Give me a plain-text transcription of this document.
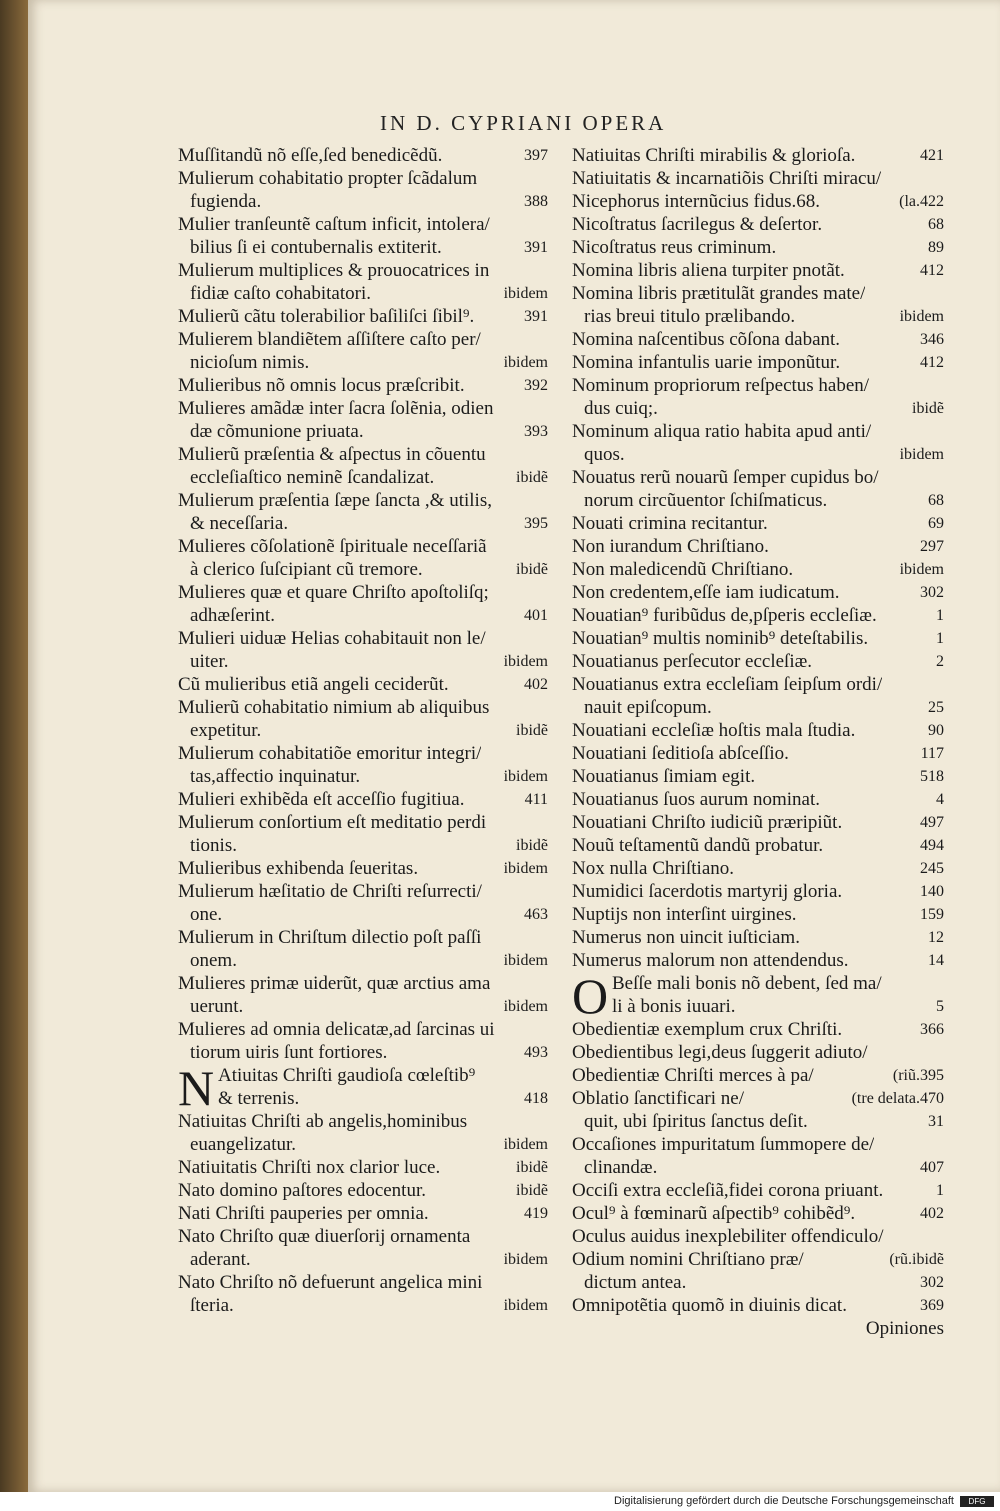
IN D. CYPRIANI OPERA
Muſſitandũ nõ eſſe,ſed benedicẽdũ.	397
Mulierum cohabitatio propter ſcãdalum
fugienda.	388
Mulier tranſeuntẽ caſtum inficit, intolera/
bilius ſi ei contubernalis extiterit.	391
Mulierum multiplices & prouocatrices in
fidiæ caſto cohabitatori.	ibidem
Mulierũ cãtu tolerabilior baſiliſci ſibil⁹.	391
Mulierem blandiẽtem aſſiſtere caſto per/
nicioſum nimis.	ibidem
Mulieribus nõ omnis locus præſcribit.	392
Mulieres amãdæ inter ſacra ſolẽnia, odien
dæ cõmunione priuata.	393
Mulierũ præſentia & aſpectus in cõuentu
eccleſiaſtico neminẽ ſcandalizat.	ibidẽ
Mulierum præſentia ſæpe ſancta ,& utilis,
& neceſſaria.	395
Mulieres cõſolationẽ ſpirituale neceſſariã
à clerico ſuſcipiant cũ tremore.	ibidẽ
Mulieres quæ et quare Chriſto apoſtoliſq;
adhæſerint.	401
Mulieri uiduæ Helias cohabitauit non le/
uiter.	ibidem
Cũ mulieribus etiã angeli ceciderũt.	402
Mulierũ cohabitatio nimium ab aliquibus
expetitur.	ibidẽ
Mulierum cohabitatiõe emoritur integri/
tas,affectio inquinatur.	ibidem
Mulieri exhibẽda eſt acceſſio fugitiua.	411
Mulierum conſortium eſt meditatio perdi
tionis.	ibidẽ
Mulieribus exhibenda ſeueritas.	ibidem
Mulierum hæſitatio de Chriſti reſurrecti/
one.	463
Mulierum in Chriſtum dilectio poſt paſſi
onem.	ibidem
Mulieres primæ uiderũt, quæ arctius ama
uerunt.	ibidem
Mulieres ad omnia delicatæ,ad ſarcinas ui
tiorum uiris ſunt fortiores.	493
N Atiuitas Chriſti gaudioſa cœleſtib⁹
& terrenis.	418
Natiuitas Chriſti ab angelis,hominibus
euangelizatur.	ibidem
Natiuitatis Chriſti nox clarior luce.	ibidẽ
Nato domino paſtores edocentur.	ibidẽ
Nati Chriſti pauperies per omnia.	419
Nato Chriſto quæ diuerſorij ornamenta
aderant.	ibidem
Nato Chriſto nõ defuerunt angelica mini
ſteria.	ibidem
Natiuitas Chriſti mirabilis & glorioſa.	421
Natiuitatis & incarnatiõis Chriſti miracu/
Nicephorus internũcius fidus.68.	(la.422
Nicoſtratus ſacrilegus & deſertor.	68
Nicoſtratus reus criminum.	89
Nomina libris aliena turpiter pnotãt.	412
Nomina libris prætitulãt grandes mate/
rias breui titulo prælibando.	ibidem
Nomina naſcentibus cõſona dabant.	346
Nomina infantulis uarie imponũtur.	412
Nominum propriorum reſpectus haben/
dus cuiq;.	ibidẽ
Nominum aliqua ratio habita apud anti/
quos.	ibidem
Nouatus rerũ nouarũ ſemper cupidus bo/
norum circũuentor ſchiſmaticus.	68
Nouati crimina recitantur.	69
Non iurandum Chriſtiano.	297
Non maledicendũ Chriſtiano.	ibidem
Non credentem,eſſe iam iudicatum.	302
Nouatian⁹ furibũdus de,pſperis eccleſiæ.	1
Nouatian⁹ multis nominib⁹ deteſtabilis.	1
Nouatianus perſecutor eccleſiæ.	2
Nouatianus extra eccleſiam ſeipſum ordi/
nauit epiſcopum.	25
Nouatiani eccleſiæ hoſtis mala ſtudia.	90
Nouatiani ſeditioſa abſceſſio.	117
Nouatianus ſimiam egit.	518
Nouatianus ſuos aurum nominat.	4
Nouatiani Chriſto iudiciũ præripiũt.	497
Nouũ teſtamentũ dandũ probatur.	494
Nox nulla Chriſtiano.	245
Numidici ſacerdotis martyrij gloria.	140
Nuptijs non interſint uirgines.	159
Numerus non uincit iuſticiam.	12
Numerus malorum non attendendus.	14
O Beſſe mali bonis nõ debent, ſed ma/
li à bonis iuuari.	5
Obedientiæ exemplum crux Chriſti.	366
Obedientibus legi,deus ſuggerit adiuto/
Obedientiæ Chriſti merces à pa/	(riũ.395
Oblatio ſanctificari ne/	(tre delata.470
quit, ubi ſpiritus ſanctus deſit.	31
Occaſiones impuritatum ſummopere de/
clinandæ.	407
Occiſi extra eccleſiã,fidei corona priuant.	1
Ocul⁹ à fœminarũ aſpectib⁹ cohibẽd⁹.	402
Oculus auidus inexplebiliter offendiculo/
Odium nomini Chriſtiano præ/	(rũ.ibidẽ
dictum antea.	302
Omnipotẽtia quomõ in diuinis dicat.	369
Opiniones
Digitalisierung gefördert durch die Deutsche Forschungsgemeinschaft	DFG
